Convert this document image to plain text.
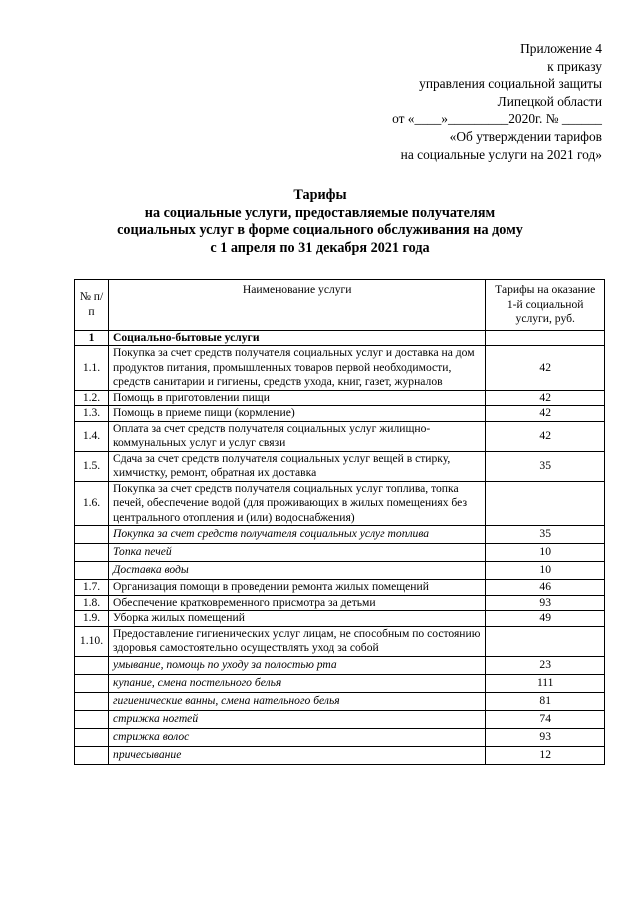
Приложение 4
к приказу
управления социальной защиты
Липецкой области
от «____»_________2020г. № ______
«Об утверждении тарифов
на социальные услуги на 2021 год»
Тарифы
на социальные услуги, предоставляемые получателям
социальных услуг в форме социального обслуживания на дому
с 1 апреля по 31 декабря 2021 года
№ п/п	Наименование услуги	Тарифы на оказание 1-й социальной услуги, руб.
1	Социально-бытовые услуги	
1.1.	Покупка за счет средств получателя социальных услуг и доставка на дом продуктов питания, промышленных товаров первой необходимости, средств санитарии и гигиены, средств ухода, книг, газет, журналов	42
1.2.	Помощь в приготовлении пищи	42
1.3.	Помощь в приеме пищи (кормление)	42
1.4.	Оплата за счет средств получателя социальных услуг жилищно-коммунальных услуг и услуг связи	42
1.5.	Сдача за счет средств получателя социальных услуг вещей в стирку, химчистку, ремонт, обратная их доставка	35
1.6.	Покупка за счет средств получателя социальных услуг топлива, топка печей, обеспечение водой (для проживающих в жилых помещениях без центрального отопления и (или) водоснабжения)	
	Покупка за счет средств получателя социальных услуг топлива	35
	Топка печей	10
	Доставка воды	10
1.7.	Организация помощи в проведении ремонта жилых помещений	46
1.8.	Обеспечение кратковременного присмотра за детьми	93
1.9.	Уборка жилых помещений	49
1.10.	Предоставление гигиенических услуг лицам, не способным по состоянию здоровья самостоятельно осуществлять уход за собой	
	умывание, помощь по уходу за полостью рта	23
	купание, смена постельного белья	111
	гигиенические ванны, смена нательного белья	81
	стрижка ногтей	74
	стрижка волос	93
	причесывание	12
